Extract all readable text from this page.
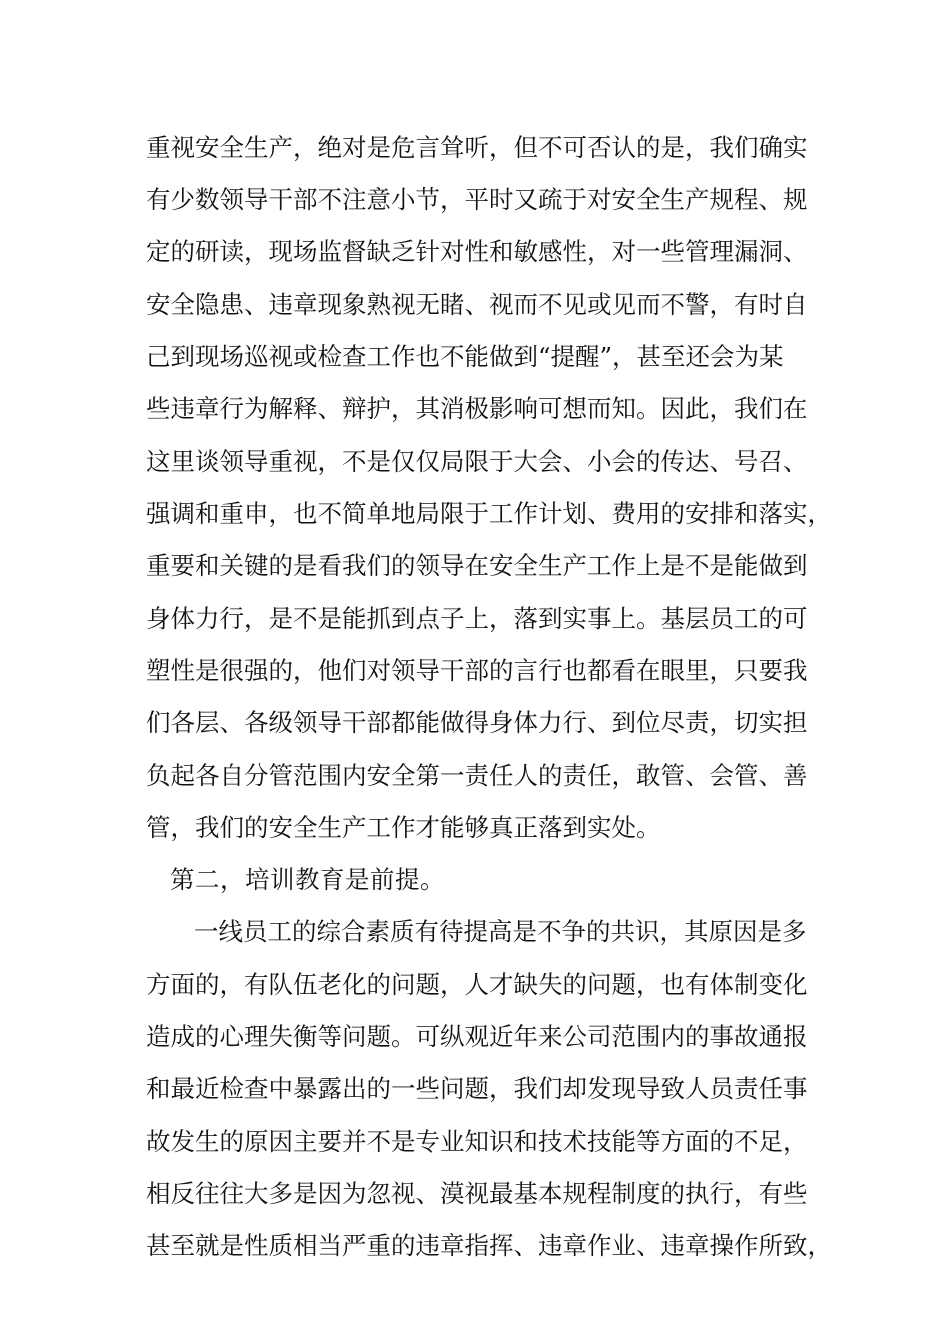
重视安全生产，绝对是危言耸听，但不可否认的是，我们确实
有少数领导干部不注意小节，平时又疏于对安全生产规程、规
定的研读，现场监督缺乏针对性和敏感性，对一些管理漏洞、
安全隐患、违章现象熟视无睹、视而不见或见而不警，有时自
己到现场巡视或检查工作也不能做到“提醒”，甚至还会为某
些违章行为解释、辩护，其消极影响可想而知。因此，我们在
这里谈领导重视，不是仅仅局限于大会、小会的传达、号召、
强调和重申，也不简单地局限于工作计划、费用的安排和落实，
重要和关键的是看我们的领导在安全生产工作上是不是能做到
身体力行，是不是能抓到点子上，落到实事上。基层员工的可
塑性是很强的，他们对领导干部的言行也都看在眼里，只要我
们各层、各级领导干部都能做得身体力行、到位尽责，切实担
负起各自分管范围内安全第一责任人的责任，敢管、会管、善
管，我们的安全生产工作才能够真正落到实处。
第二，培训教育是前提。
一线员工的综合素质有待提高是不争的共识，其原因是多
方面的，有队伍老化的问题，人才缺失的问题，也有体制变化
造成的心理失衡等问题。可纵观近年来公司范围内的事故通报
和最近检查中暴露出的一些问题，我们却发现导致人员责任事
故发生的原因主要并不是专业知识和技术技能等方面的不足，
相反往往大多是因为忽视、漠视最基本规程制度的执行，有些
甚至就是性质相当严重的违章指挥、违章作业、违章操作所致，
